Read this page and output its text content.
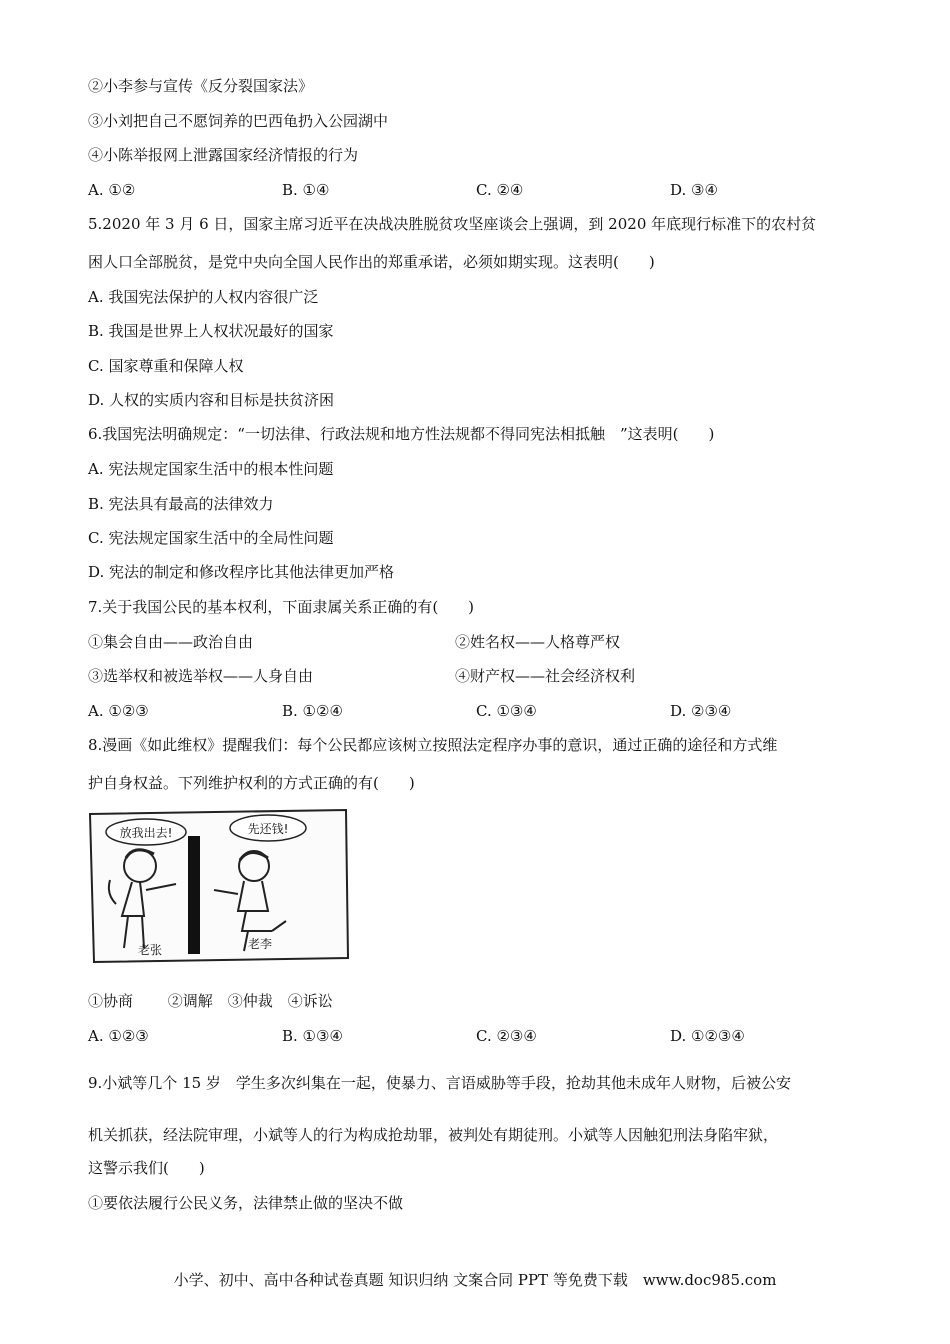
②小李参与宣传《反分裂国家法》
③小刘把自己不愿饲养的巴西龟扔入公园湖中
④小陈举报网上泄露国家经济情报的行为
A. ①②	B. ①④	C. ②④	D. ③④
5.2020 年 3 月 6 日，国家主席习近平在决战决胜脱贫攻坚座谈会上强调，到 2020 年底现行标准下的农村贫
困人口全部脱贫，是党中央向全国人民作出的郑重承诺，必须如期实现。这表明(　　)
A. 我国宪法保护的人权内容很广泛
B. 我国是世界上人权状况最好的国家
C. 国家尊重和保障人权
D. 人权的实质内容和目标是扶贫济困
6.我国宪法明确规定：“一切法律、行政法规和地方性法规都不得同宪法相抵触　”这表明(　　)
A. 宪法规定国家生活中的根本性问题
B. 宪法具有最高的法律效力
C. 宪法规定国家生活中的全局性问题
D. 宪法的制定和修改程序比其他法律更加严格
7.关于我国公民的基本权利，下面隶属关系正确的有(　　)
①集会自由——政治自由	②姓名权——人格尊严权
③选举权和被选举权——人身自由	④财产权——社会经济权利
A. ①②③	B. ①②④	C. ①③④	D. ②③④
8.漫画《如此维权》提醒我们：每个公民都应该树立按照法定程序办事的意识，通过正确的途径和方式维
护自身权益。下列维护权利的方式正确的有(　　)
放我出去!	先还钱!
老张	老李
①协商　　 ②调解　③仲裁　④诉讼
A. ①②③	B. ①③④	C. ②③④	D. ①②③④
9.小斌等几个 15 岁　学生多次纠集在一起，使暴力、言语威胁等手段，抢劫其他未成年人财物，后被公安
机关抓获，经法院审理，小斌等人的行为构成抢劫罪，被判处有期徒刑。小斌等人因触犯刑法身陷牢狱，
这警示我们(　　)
①要依法履行公民义务，法律禁止做的坚决不做
小学、初中、高中各种试卷真题 知识归纳 文案合同 PPT 等免费下载　www.doc985.com
